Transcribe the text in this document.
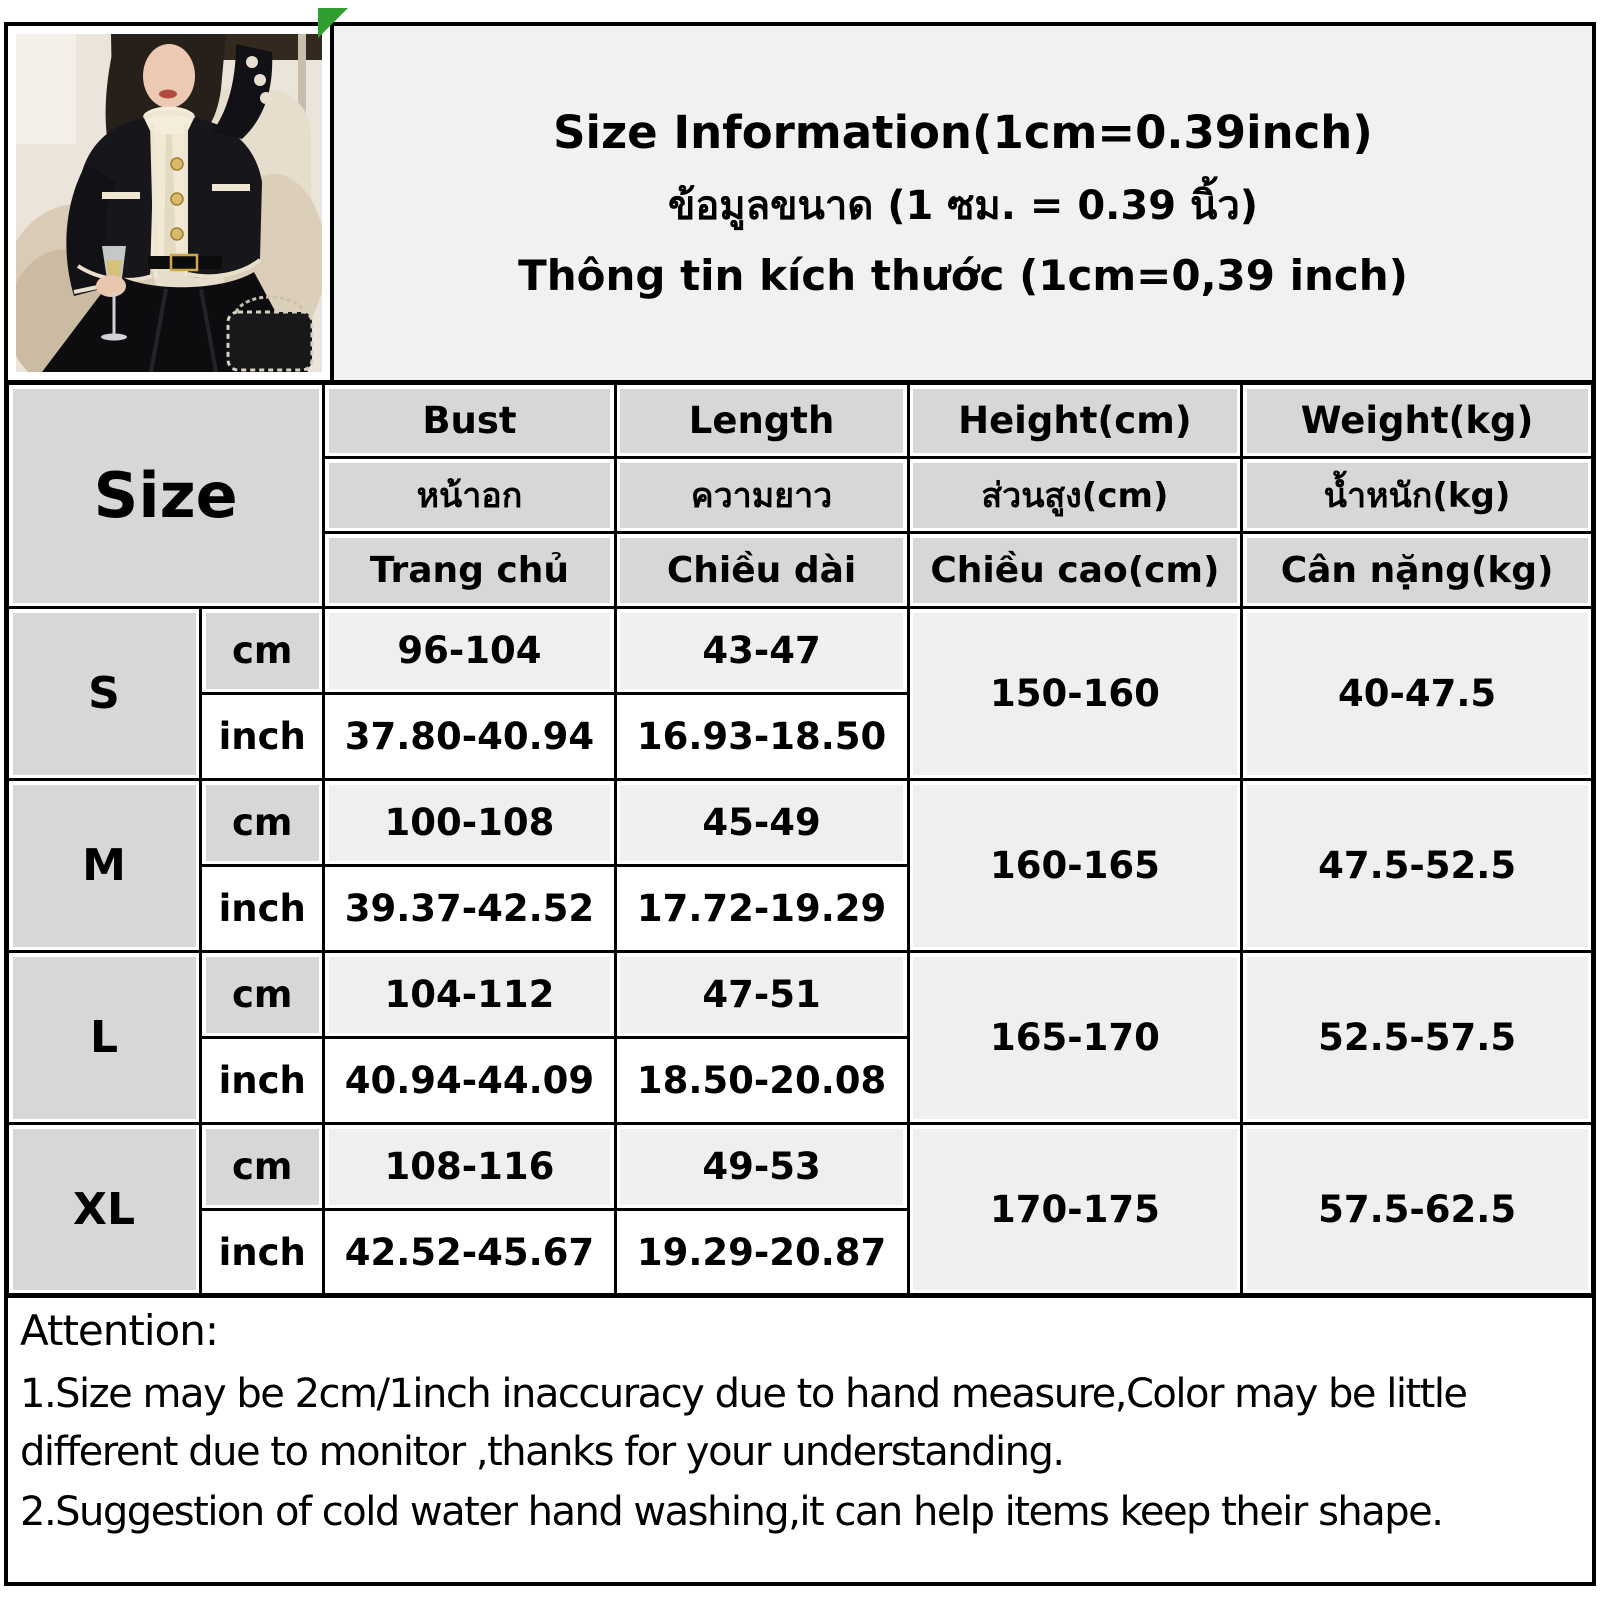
Size Information(1cm=0.39inch)
ข้อมูลขนาด (1 ซม. = 0.39 นิ้ว)
Thông tin kích thước (1cm=0,39 inch)
Size		Bust	Length	Height(cm)	Weight(kg)
		หน้าอก	ความยาว	ส่วนสูง(cm)	น้ำหนัก(kg)
		Trang chủ	Chiều dài	Chiều cao(cm)	Cân nặng(kg)
S	cm	96-104	43-47	150-160	40-47.5
	inch	37.80-40.94	16.93-18.50		
M	cm	100-108	45-49	160-165	47.5-52.5
	inch	39.37-42.52	17.72-19.29		
L	cm	104-112	47-51	165-170	52.5-57.5
	inch	40.94-44.09	18.50-20.08		
XL	cm	108-116	49-53	170-175	57.5-62.5
	inch	42.52-45.67	19.29-20.87		
Attention:

1.Size may be 2cm/1inch inaccuracy due to hand measure,Color may be little different due to monitor ,thanks for your understanding.

2.Suggestion of cold water hand washing,it can help items keep their shape.
